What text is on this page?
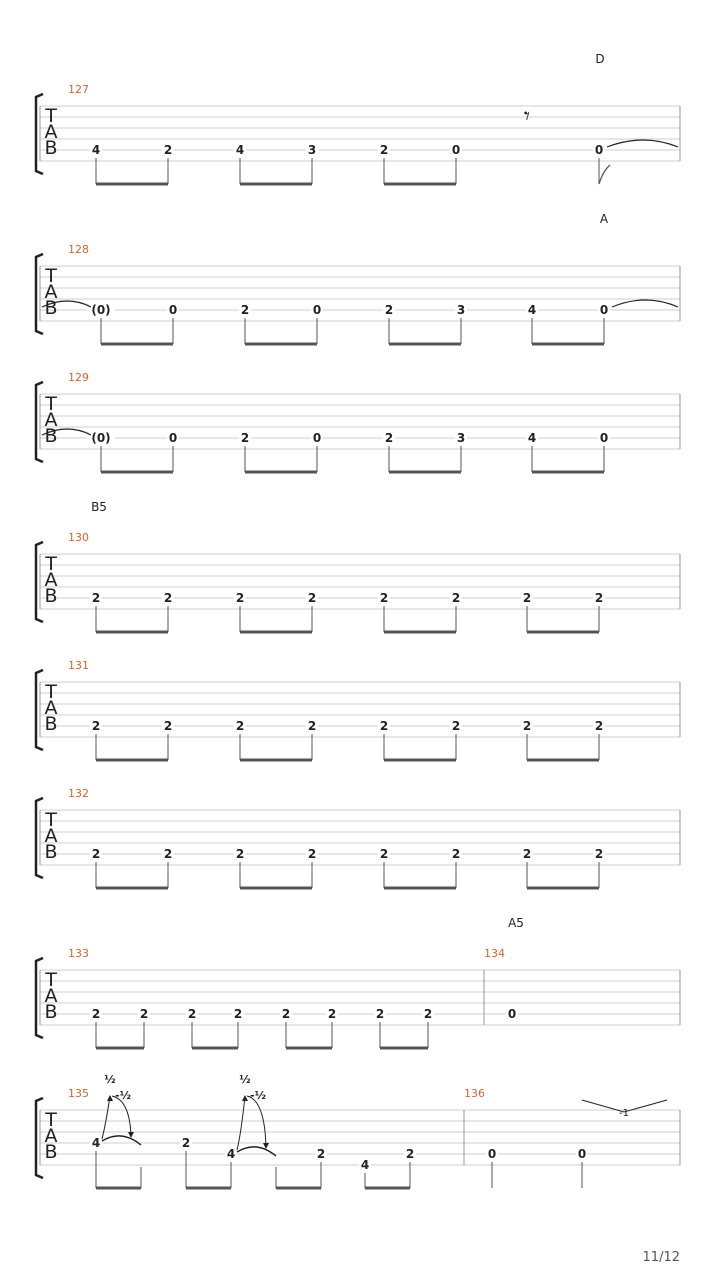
T
A
B
127
D
𝄾
4	2	4	3	2	0	0
T
A
B
128
A
(0)	0	2	0	2	3	4	0
T
A
B
129
(0)	0	2	0	2	3	4	0
T
A
B
130
B5
2	2	2	2	2	2	2	2
T
A
B
131
2	2	2	2	2	2	2	2
T
A
B
132
2	2	2	2	2	2	2	2
T
A
B
133	134
A5
2	2	2	2	2	2	2	2	0
T
A
B
135	136
4	2
4	2
4
2	0	0
½
-½
½
-½
-1
11/12
